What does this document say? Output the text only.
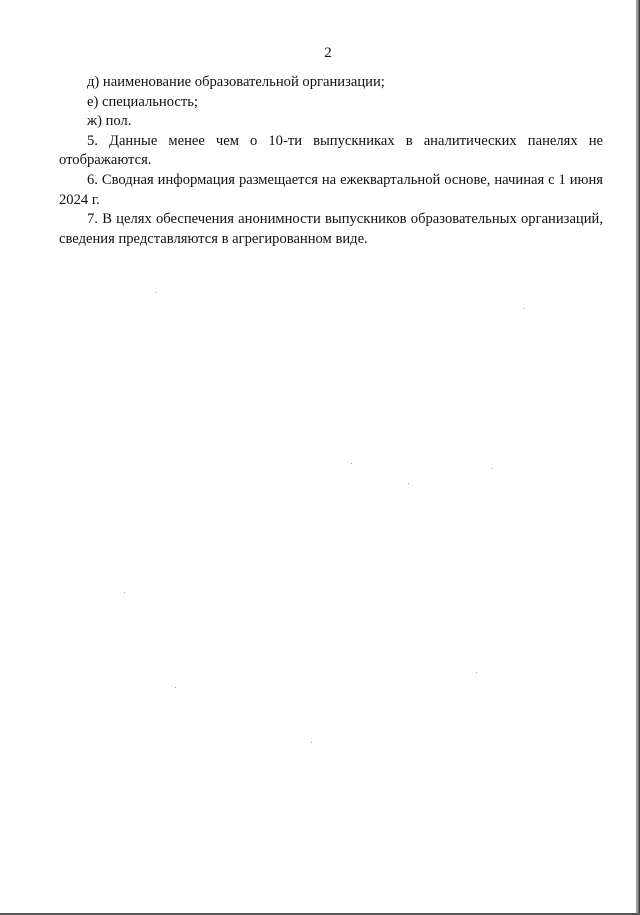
2

д) наименование образовательной организации;

е) специальность;

ж) пол.

5. Данные менее чем о 10-ти выпускниках в аналитических панелях не отображаются.

6. Сводная информация размещается на ежеквартальной основе, начиная с 1 июня 2024 г.

7. В целях обеспечения анонимности выпускников образовательных организаций, сведения представляются в агрегированном виде.
